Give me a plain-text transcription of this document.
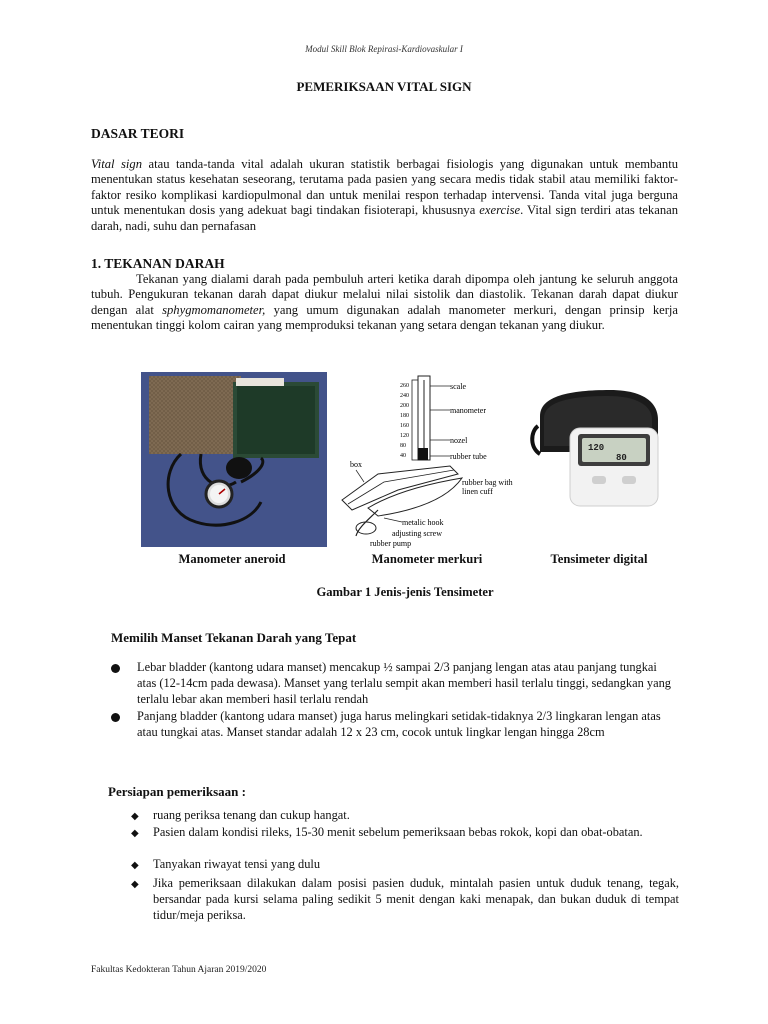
Modul Skill Blok Repirasi-Kardiovaskular I
PEMERIKSAAN VITAL SIGN
DASAR TEORI
Vital sign atau tanda-tanda vital adalah ukuran statistik berbagai fisiologis yang digunakan untuk membantu menentukan status kesehatan seseorang, terutama pada pasien yang secara medis tidak stabil atau memiliki faktor-faktor resiko komplikasi kardiopulmonal dan untuk menilai respon terhadap intervensi. Tanda vital juga berguna untuk menentukan dosis yang adekuat bagi tindakan fisioterapi, khususnya exercise. Vital sign terdiri atas tekanan darah, nadi, suhu dan pernafasan
1. TEKANAN DARAH
Tekanan yang dialami darah pada pembuluh arteri ketika darah dipompa oleh jantung ke seluruh anggota tubuh. Pengukuran tekanan darah dapat diukur melalui nilai sistolik dan diastolik. Tekanan darah dapat diukur dengan alat sphygmomanometer, yang umum digunakan adalah manometer merkuri, dengan prinsip kerja menentukan tinggi kolom cairan yang memproduksi tekanan yang setara dengan tekanan yang diukur.
260
240
200
180
160
120
80
40
scale
manometer
nozel
rubber tube
rubber bag with
linen cuff
box
metalic hook
adjusting screw
rubber pump
120
80
Manometer aneroid	Manometer merkuri	Tensimeter digital
Gambar 1 Jenis-jenis Tensimeter
Memilih Manset Tekanan Darah yang Tepat
Lebar bladder (kantong udara manset) mencakup ½ sampai 2/3 panjang lengan atas atau panjang tungkai atas (12-14cm pada dewasa). Manset yang terlalu sempit akan memberi hasil terlalu tinggi, sedangkan yang terlalu lebar akan memberi hasil terlalu rendah
Panjang bladder (kantong udara manset) juga harus melingkari setidak-tidaknya 2/3 lingkaran lengan atas atau tungkai atas. Manset standar adalah 12 x 23 cm, cocok untuk lingkar lengan hingga 28cm
Persiapan pemeriksaan :
◆ ruang periksa tenang dan cukup hangat.
◆ Pasien dalam kondisi rileks, 15-30 menit sebelum pemeriksaan bebas rokok, kopi dan obat-obatan.
◆ Tanyakan riwayat tensi yang dulu
◆ Jika pemeriksaan dilakukan dalam posisi pasien duduk, mintalah pasien untuk duduk tenang, tegak, bersandar pada kursi selama paling sedikit 5 menit dengan kaki menapak, dan bukan duduk di tempat tidur/meja periksa.
Fakultas Kedokteran Tahun Ajaran 2019/2020
